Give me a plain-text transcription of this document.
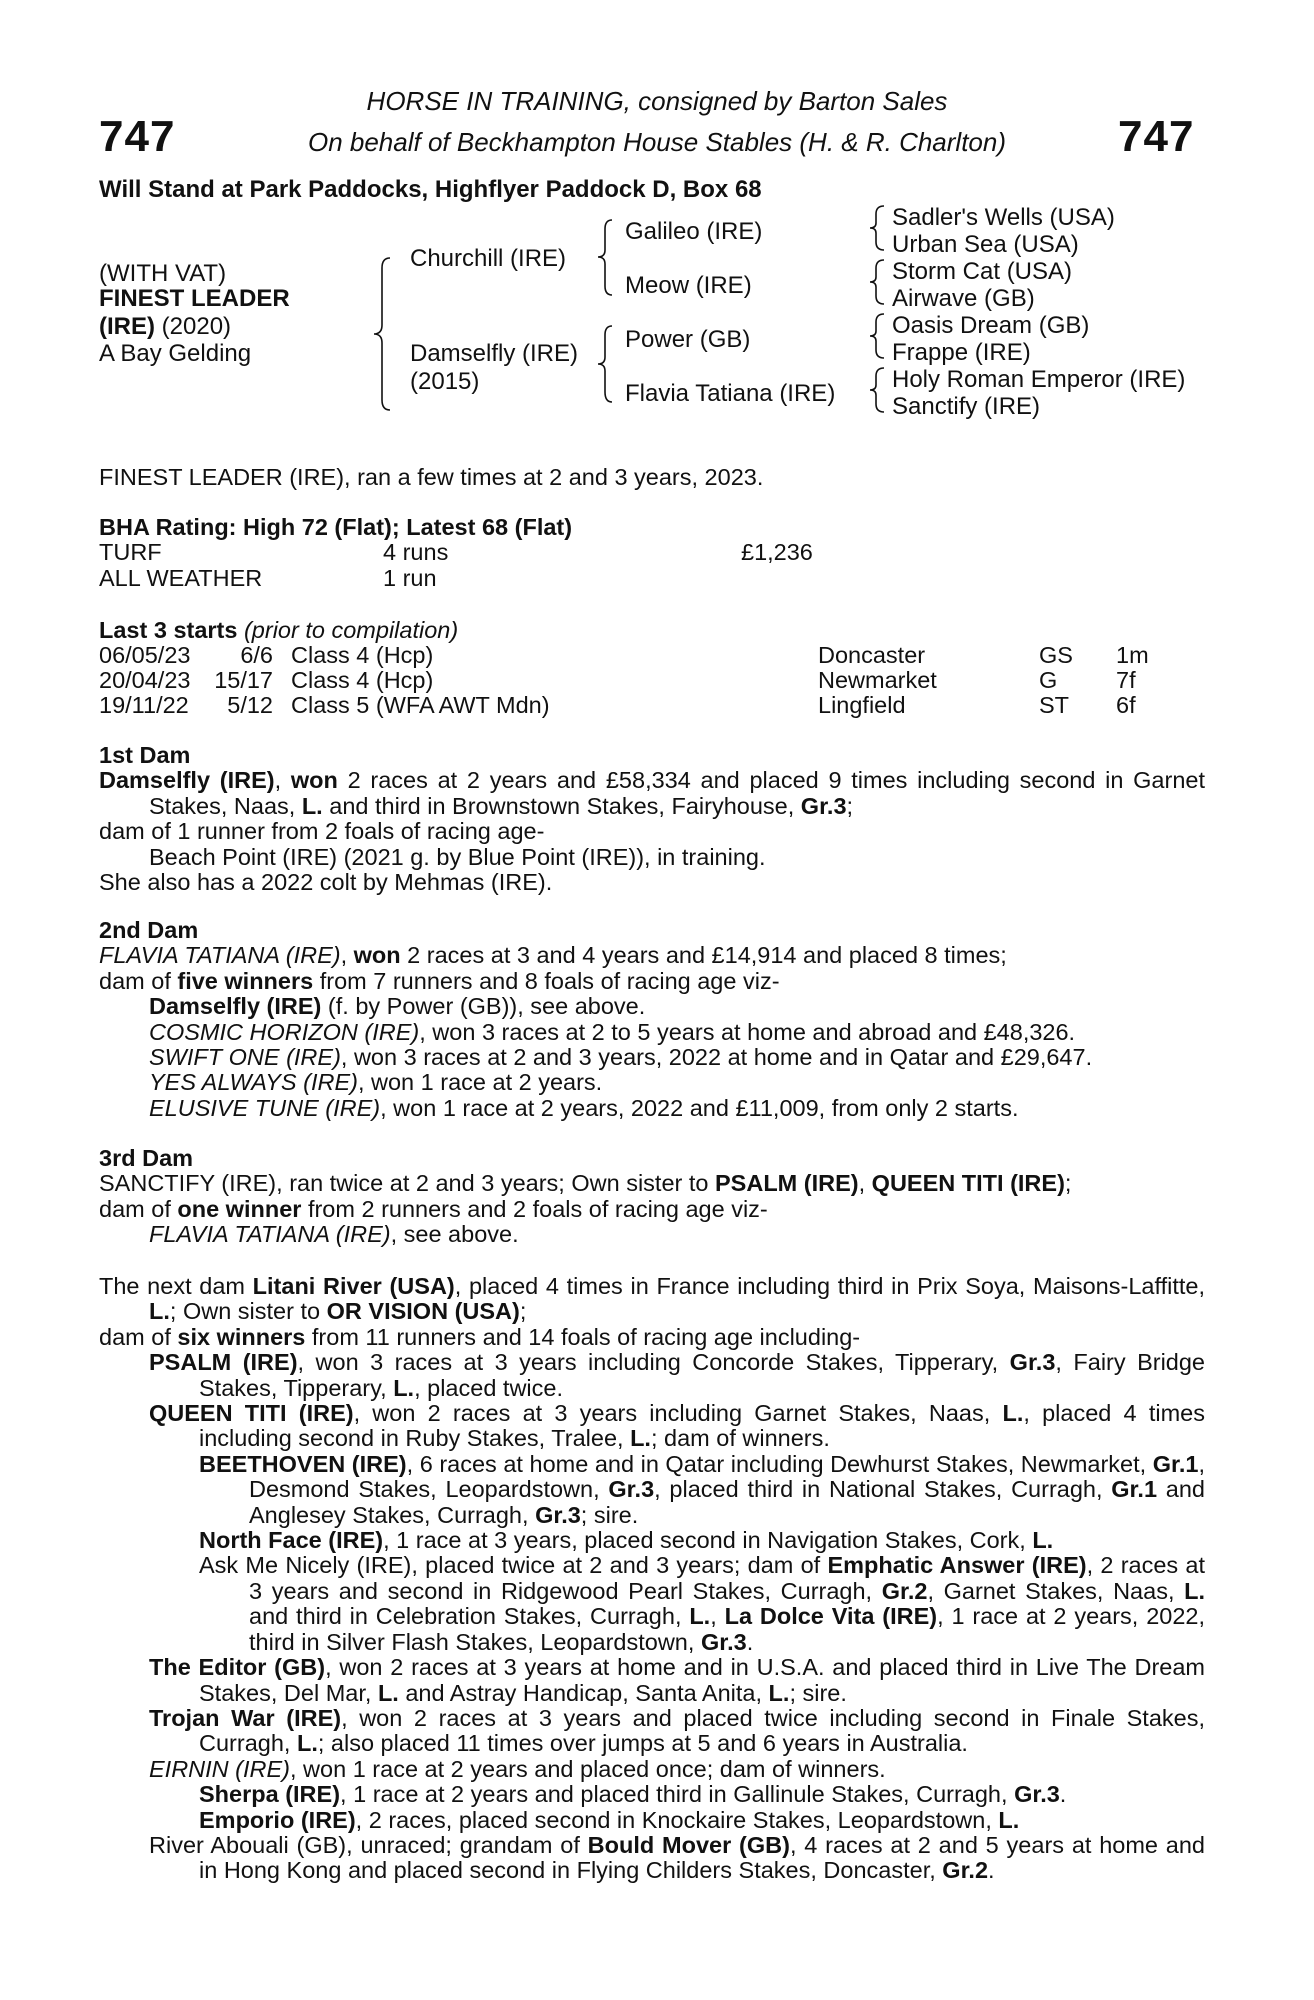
747	747
HORSE IN TRAINING, consigned by Barton Sales
On behalf of Beckhampton House Stables (H. & R. Charlton)
Will Stand at Park Paddocks, Highflyer Paddock D, Box 68
(WITH VAT)
FINEST LEADER
(IRE) (2020)
A Bay Gelding
Churchill (IRE)
Damselfly (IRE)
(2015)
Galileo (IRE)
Meow (IRE)
Power (GB)
Flavia Tatiana (IRE)
Sadler's Wells (USA)
Urban Sea (USA)
Storm Cat (USA)
Airwave (GB)
Oasis Dream (GB)
Frappe (IRE)
Holy Roman Emperor (IRE)
Sanctify (IRE)
FINEST LEADER (IRE), ran a few times at 2 and 3 years, 2023.
BHA Rating: High 72 (Flat); Latest 68 (Flat)
TURF	4 runs	£1,236
ALL WEATHER	1 run
Last 3 starts (prior to compilation)
06/05/23	6/6 Class 4 (Hcp)	Doncaster	GS 1m
20/04/23 15/17 Class 4 (Hcp)	Newmarket	G 7f
19/11/22	5/12 Class 5 (WFA AWT Mdn)	Lingfield	ST 6f

1st Dam

Damselfly (IRE), won 2 races at 2 years and £58,334 and placed 9 times including second in Garnet Stakes, Naas, L. and third in Brownstown Stakes, Fairyhouse, Gr.3;

dam of 1 runner from 2 foals of racing age-

Beach Point (IRE) (2021 g. by Blue Point (IRE)), in training.

She also has a 2022 colt by Mehmas (IRE).

2nd Dam

FLAVIA TATIANA (IRE), won 2 races at 3 and 4 years and £14,914 and placed 8 times;

dam of five winners from 7 runners and 8 foals of racing age viz-

Damselfly (IRE) (f. by Power (GB)), see above.

COSMIC HORIZON (IRE), won 3 races at 2 to 5 years at home and abroad and £48,326.

SWIFT ONE (IRE), won 3 races at 2 and 3 years, 2022 at home and in Qatar and £29,647.

YES ALWAYS (IRE), won 1 race at 2 years.

ELUSIVE TUNE (IRE), won 1 race at 2 years, 2022 and £11,009, from only 2 starts.

3rd Dam

SANCTIFY (IRE), ran twice at 2 and 3 years; Own sister to PSALM (IRE), QUEEN TITI (IRE);

dam of one winner from 2 runners and 2 foals of racing age viz-

FLAVIA TATIANA (IRE), see above.

The next dam Litani River (USA), placed 4 times in France including third in Prix Soya, Maisons-Laffitte, L.; Own sister to OR VISION (USA);

dam of six winners from 11 runners and 14 foals of racing age including-

PSALM (IRE), won 3 races at 3 years including Concorde Stakes, Tipperary, Gr.3, Fairy Bridge Stakes, Tipperary, L., placed twice.

QUEEN TITI (IRE), won 2 races at 3 years including Garnet Stakes, Naas, L., placed 4 times including second in Ruby Stakes, Tralee, L.; dam of winners.

BEETHOVEN (IRE), 6 races at home and in Qatar including Dewhurst Stakes, Newmarket, Gr.1, Desmond Stakes, Leopardstown, Gr.3, placed third in National Stakes, Curragh, Gr.1 and Anglesey Stakes, Curragh, Gr.3; sire.

North Face (IRE), 1 race at 3 years, placed second in Navigation Stakes, Cork, L.

Ask Me Nicely (IRE), placed twice at 2 and 3 years; dam of Emphatic Answer (IRE), 2 races at 3 years and second in Ridgewood Pearl Stakes, Curragh, Gr.2, Garnet Stakes, Naas, L. and third in Celebration Stakes, Curragh, L., La Dolce Vita (IRE), 1 race at 2 years, 2022, third in Silver Flash Stakes, Leopardstown, Gr.3.

The Editor (GB), won 2 races at 3 years at home and in U.S.A. and placed third in Live The Dream Stakes, Del Mar, L. and Astray Handicap, Santa Anita, L.; sire.

Trojan War (IRE), won 2 races at 3 years and placed twice including second in Finale Stakes, Curragh, L.; also placed 11 times over jumps at 5 and 6 years in Australia.

EIRNIN (IRE), won 1 race at 2 years and placed once; dam of winners.

Sherpa (IRE), 1 race at 2 years and placed third in Gallinule Stakes, Curragh, Gr.3.

Emporio (IRE), 2 races, placed second in Knockaire Stakes, Leopardstown, L.

River Abouali (GB), unraced; grandam of Bould Mover (GB), 4 races at 2 and 5 years at home and in Hong Kong and placed second in Flying Childers Stakes, Doncaster, Gr.2.
